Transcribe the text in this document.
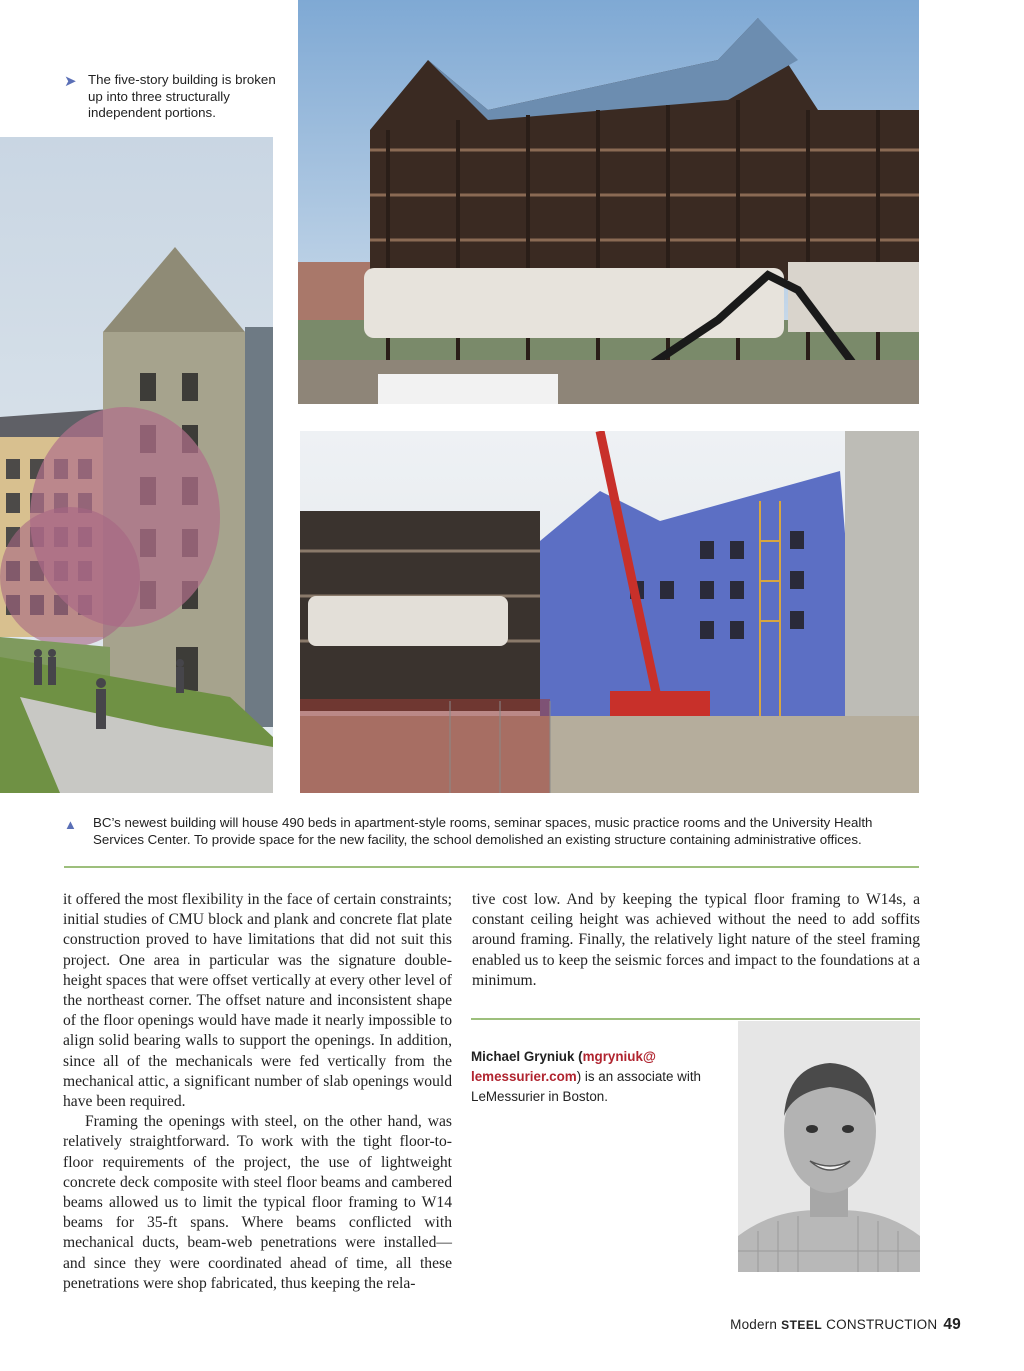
➤ The five-story building is broken up into three structurally independent portions.
▲ BC’s newest building will house 490 beds in apartment-style rooms, seminar spaces, music practice rooms and the University Health
Services Center. To provide space for the new facility, the school demolished an existing structure containing administrative offices.

it offered the most flexibility in the face of certain constraints; initial studies of CMU block and plank and concrete flat plate construction proved to have limitations that did not suit this project. One area in particular was the signature double-height spaces that were offset vertically at every other level of the northeast corner. The offset nature and inconsistent shape of the floor openings would have made it nearly impossible to align solid bearing walls to support the openings. In addition, since all of the mechanicals were fed vertically from the mechanical attic, a significant number of slab openings would have been required.

Framing the openings with steel, on the other hand, was relatively straightforward. To work with the tight floor-to-floor requirements of the project, the use of lightweight concrete deck composite with steel floor beams and cambered beams allowed us to limit the typical floor framing to W14 beams for 35-ft spans. Where beams conflicted with mechanical ducts, beam-web penetrations were installed—and since they were coordinated ahead of time, all these penetrations were shop fabricated, thus keeping the rela-

tive cost low. And by keeping the typical floor framing to W14s, a constant ceiling height was achieved without the need to add soffits around framing. Finally, the relatively light nature of the steel framing enabled us to keep the seismic forces and impact to the foundations at a minimum.

Michael Gryniuk (mgryniuk@
lemessurier.com) is an associate with
LeMessurier in Boston.
Modern STEEL CONSTRUCTION 49
